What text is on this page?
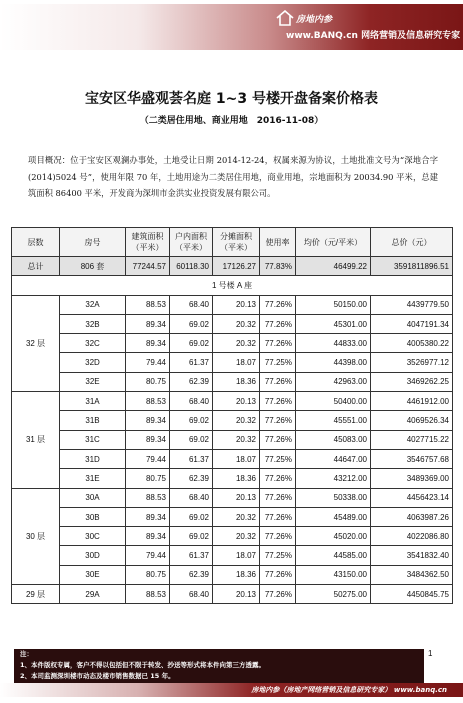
房地内参
www.BANQ.cn 网络营销及信息研究专家
宝安区华盛观荟名庭 1~3 号楼开盘备案价格表
（二类居住用地、商业用地　2016-11-08）
项目概况：位于宝安区观澜办事处，土地受让日期 2014-12-24，权属来源为协议，土地批准文号为“深地合字(2014)5024 号”，使用年限 70 年，土地用途为二类居住用地，商业用地，宗地面积为 20034.90 平米，总建筑面积 86400 平米，开发商为深圳市金洪实业投资发展有限公司。
层数	房号	建筑面积（平米）	户内面积（平米）	分摊面积（平米）	使用率	均价（元/平米）	总价（元）
总计	806 套	77244.57	60118.30	17126.27	77.83%	46499.22	3591811896.51
1 号楼 A 座							
32 层	32A	88.53	68.40	20.13	77.26%	50150.00	4439779.50
	32B	89.34	69.02	20.32	77.26%	45301.00	4047191.34
	32C	89.34	69.02	20.32	77.26%	44833.00	4005380.22
	32D	79.44	61.37	18.07	77.25%	44398.00	3526977.12
	32E	80.75	62.39	18.36	77.26%	42963.00	3469262.25
31 层	31A	88.53	68.40	20.13	77.26%	50400.00	4461912.00
	31B	89.34	69.02	20.32	77.26%	45551.00	4069526.34
	31C	89.34	69.02	20.32	77.26%	45083.00	4027715.22
	31D	79.44	61.37	18.07	77.25%	44647.00	3546757.68
	31E	80.75	62.39	18.36	77.26%	43212.00	3489369.00
30 层	30A	88.53	68.40	20.13	77.26%	50338.00	4456423.14
	30B	89.34	69.02	20.32	77.26%	45489.00	4063987.26
	30C	89.34	69.02	20.32	77.26%	45020.00	4022086.80
	30D	79.44	61.37	18.07	77.25%	44585.00	3541832.40
	30E	80.75	62.39	18.36	77.26%	43150.00	3484362.50
29 层	29A	88.53	68.40	20.13	77.26%	50275.00	4450845.75
1
注：
1、本件版权专属，客户不得以包括但不限于转发、抄送等形式将本件向第三方透露。
2、本司监测深圳楼市动态及楼市销售数据已 15 年。
房地内参（房地产网络营销及信息研究专家） www.banq.cn
